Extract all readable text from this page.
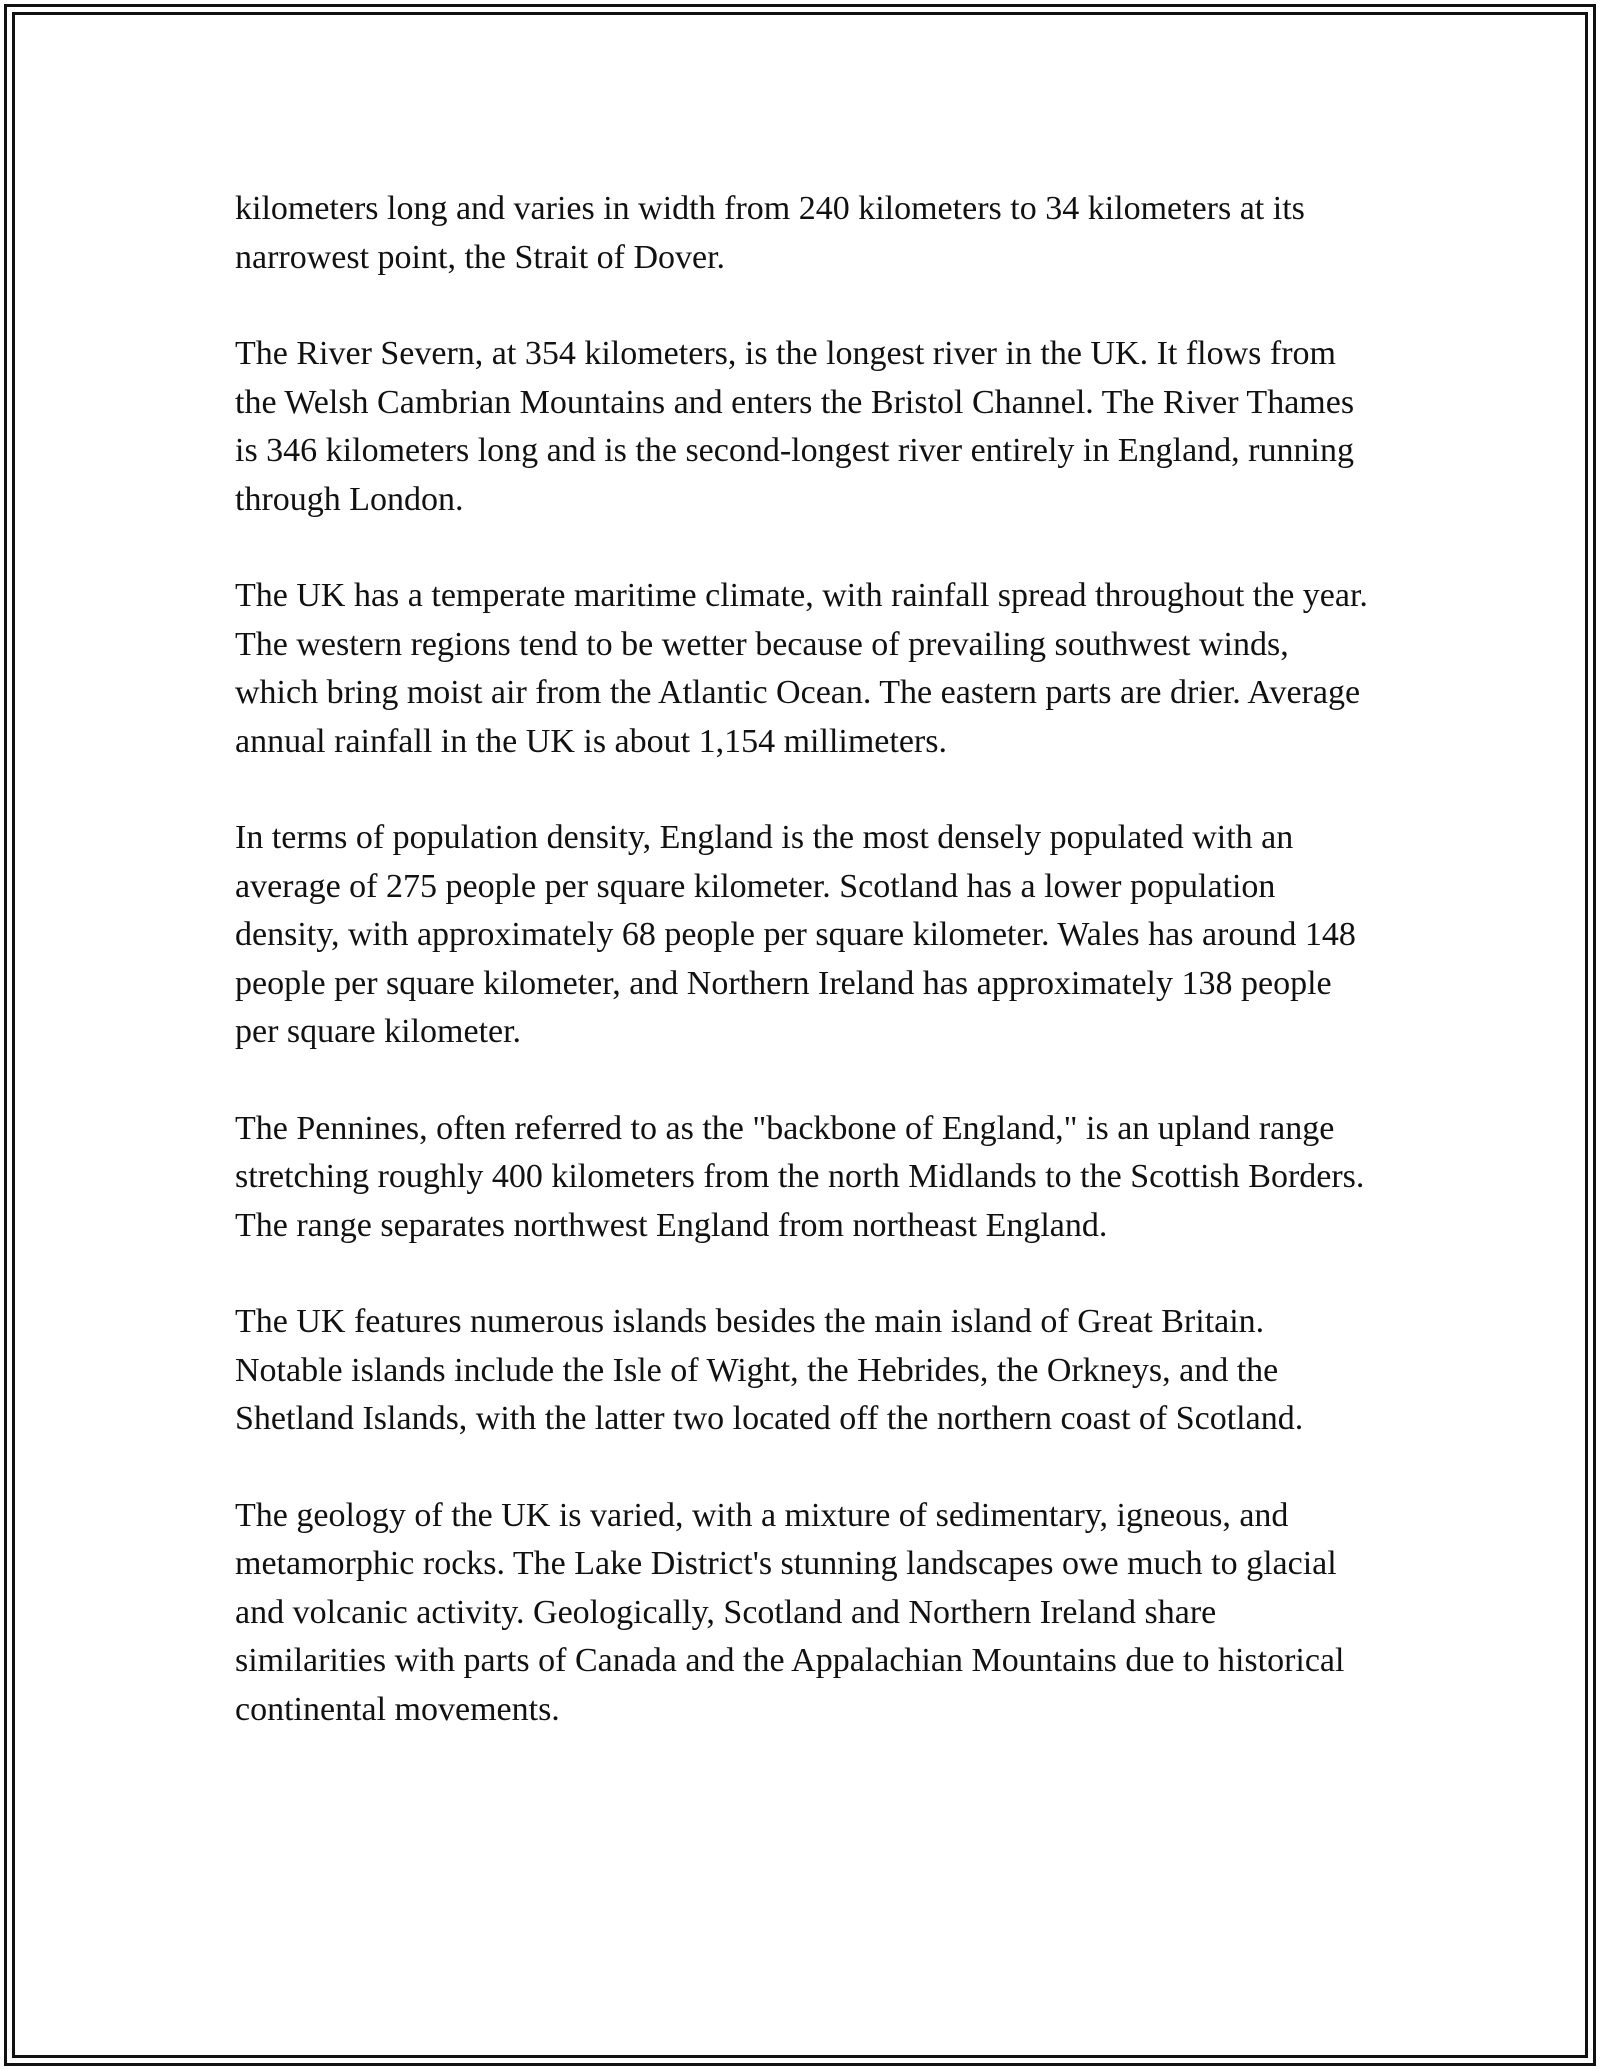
kilometers long and varies in width from 240 kilometers to 34 kilometers at its narrowest point, the Strait of Dover.

The River Severn, at 354 kilometers, is the longest river in the UK. It flows from the Welsh Cambrian Mountains and enters the Bristol Channel. The River Thames is 346 kilometers long and is the second-longest river entirely in England, running through London.

The UK has a temperate maritime climate, with rainfall spread throughout the year. The western regions tend to be wetter because of prevailing southwest winds, which bring moist air from the Atlantic Ocean. The eastern parts are drier. Average annual rainfall in the UK is about 1,154 millimeters.

In terms of population density, England is the most densely populated with an average of 275 people per square kilometer. Scotland has a lower population density, with approximately 68 people per square kilometer. Wales has around 148 people per square kilometer, and Northern Ireland has approximately 138 people per square kilometer.

The Pennines, often referred to as the "backbone of England," is an upland range stretching roughly 400 kilometers from the north Midlands to the Scottish Borders. The range separates northwest England from northeast England.

The UK features numerous islands besides the main island of Great Britain. Notable islands include the Isle of Wight, the Hebrides, the Orkneys, and the Shetland Islands, with the latter two located off the northern coast of Scotland.

The geology of the UK is varied, with a mixture of sedimentary, igneous, and metamorphic rocks. The Lake District's stunning landscapes owe much to glacial and volcanic activity. Geologically, Scotland and Northern Ireland share similarities with parts of Canada and the Appalachian Mountains due to historical continental movements.
